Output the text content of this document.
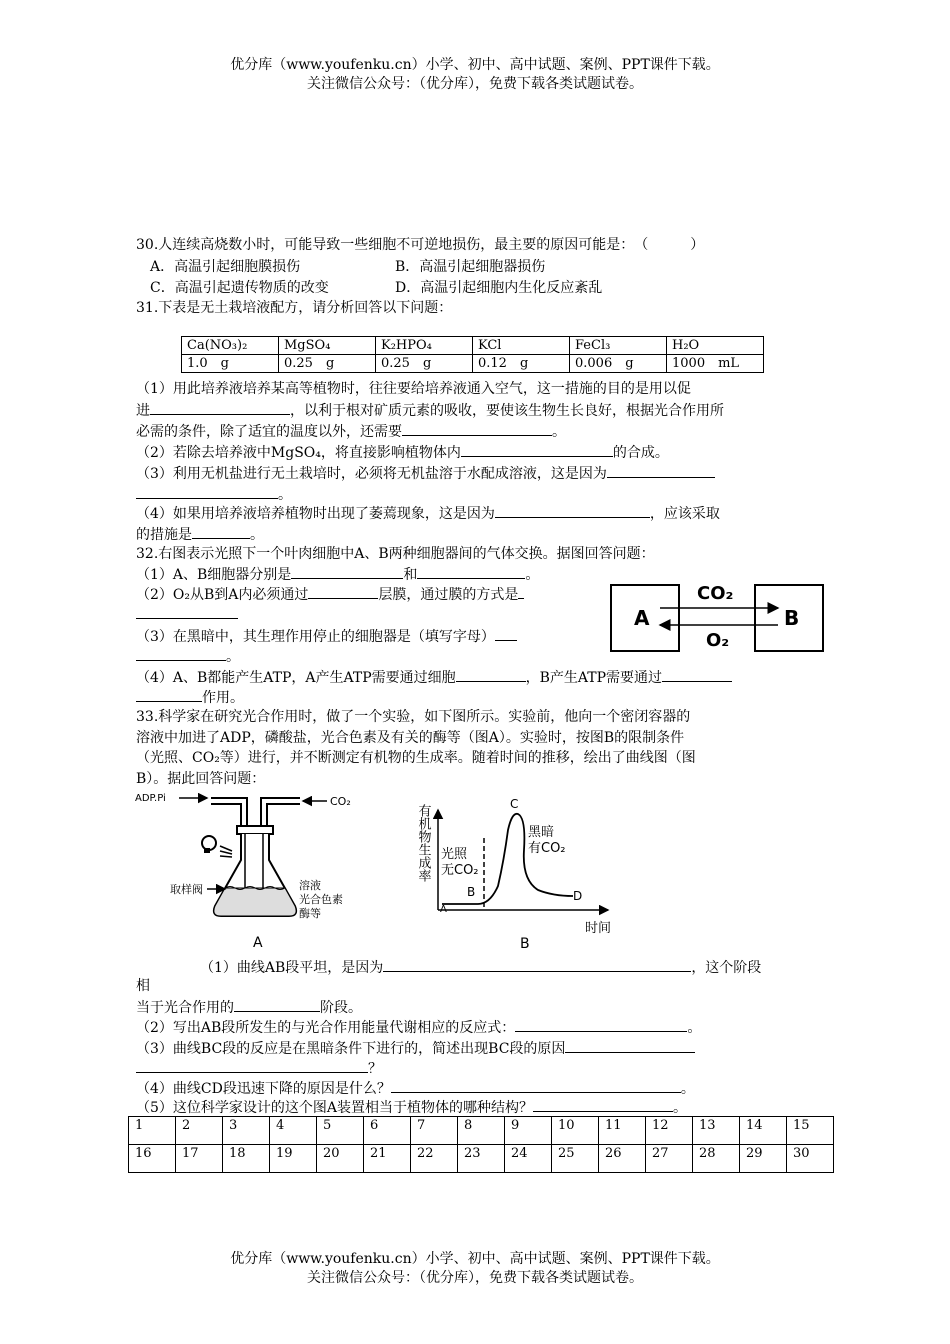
优分库（www.youfenku.cn）小学、初中、高中试题、案例、PPT课件下载。
关注微信公众号：（优分库），免费下载各类试题试卷。
30.人连续高烧数小时，可能导致一些细胞不可逆地损伤，最主要的原因可能是：　（　　　）
A．高温引起细胞膜损伤	B．高温引起细胞器损伤
C．高温引起遗传物质的改变	D．高温引起细胞内生化反应紊乱
31.下表是无土栽培液配方，请分析回答以下问题：
Ca(NO₃)₂	MgSO₄	K₂HPO₄	KCl	FeCl₃	H₂O
1.0　g	0.25　g	0.25　g	0.12　g	0.006　g	1000　mL
（1）用此培养液培养某高等植物时，往往要给培养液通入空气，这一措施的目的是用以促
进	，以利于根对矿质元素的吸收，要使该生物生长良好，根据光合作用所
必需的条件，除了适宜的温度以外，还需要	。
（2）若除去培养液中MgSO₄，将直接影响植物体内	的合成。
（3）利用无机盐进行无土栽培时，必须将无机盐溶于水配成溶液，这是因为
。
（4）如果用培养液培养植物时出现了萎蔫现象，这是因为	，应该采取
的措施是	。
32.右图表示光照下一个叶肉细胞中A、B两种细胞器间的气体交换。据图回答问题：
（1）A、B细胞器分别是	和	。
（2）O₂从B到A内必须通过	层膜，通过膜的方式是
（3）在黑暗中，其生理作用停止的细胞器是（填写字母）
。
（4）A、B都能产生ATP，A产生ATP需要通过细胞	，B产生ATP需要通过
作用。
A	B
CO₂
O₂
33.科学家在研究光合作用时，做了一个实验，如下图所示。实验前，他向一个密闭容器的
溶液中加进了ADP，磷酸盐，光合色素及有关的酶等（图A）。实验时，按图B的限制条件
（光照、CO₂等）进行，并不断测定有机物的生成率。随着时间的推移，绘出了曲线图（图
B）。据此回答问题：
ADP.Pi	CO₂
取样阀	溶液
光合色素
酶等
A
有机物生成率
时间
A
B
C
D
光照
无CO₂
黑暗
有CO₂
B
（1）曲线AB段平坦，是因为	，这个阶段
相
当于光合作用的	阶段。
（2）写出AB段所发生的与光合作用能量代谢相应的反应式：	。
（3）曲线BC段的反应是在黑暗条件下进行的，简述出现BC段的原因
？
（4）曲线CD段迅速下降的原因是什么？	。
（5）这位科学家设计的这个图A装置相当于植物体的哪种结构？	。
1	2	3	4	5	6	7	8	9	10	11	12	13	14	15
16	17	18	19	20	21	22	23	24	25	26	27	28	29	30
优分库（www.youfenku.cn）小学、初中、高中试题、案例、PPT课件下载。
关注微信公众号：（优分库），免费下载各类试题试卷。
